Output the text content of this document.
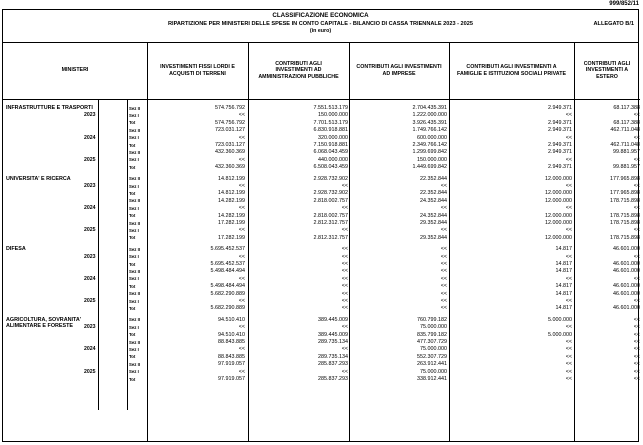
999/852/11
CLASSIFICAZIONE ECONOMICA
RIPARTIZIONE PER MINISTERI DELLE SPESE IN CONTO CAPITALE - BILANCIO DI CASSA TRIENNALE 2023 - 2025
(in euro)
ALLEGATO B/1
MINISTERI
INVESTIMENTI FISSI LORDI E ACQUISTI DI TERRENI
CONTRIBUTI AGLI INVESTIMENTI AD AMMINISTRAZIONI PUBBLICHE
CONTRIBUTI AGLI INVESTIMENTI AD IMPRESE
CONTRIBUTI AGLI INVESTIMENTI A FAMIGLIE E ISTITUZIONI SOCIALI PRIVATE
CONTRIBUTI AGLI INVESTIMENTI A ESTERO
INFRASTRUTTURE E TRASPORTI
2023
Sez II	574.756.792	7.551.513.179	2.704.435.391	2.949.371	68.117.388
Sez I	<<	150.000.000	1.222.000.000	<<	<<
Tot	574.756.792	7.701.513.179	3.926.435.391	2.949.371	68.117.388
2024
Sez II	723.031.127	6.830.918.881	1.749.766.142	2.949.371	462.711.048
Sez I	<<	320.000.000	600.000.000	<<	<<
Tot	723.031.127	7.150.918.881	2.349.766.142	2.949.371	462.711.048
2025
Sez II	432.360.369	6.068.043.459	1.299.699.842	2.949.371	99.881.957
Sez I	<<	440.000.000	150.000.000	<<	<<
Tot	432.360.369	6.508.043.459	1.449.699.842	2.949.371	99.881.957
UNIVERSITA' E RICERCA
2023
Sez II	14.812.199	2.928.732.902	22.352.844	12.000.000	177.965.898
Sez I	<<	<<	<<	<<	<<
Tot	14.812.199	2.928.732.902	22.352.844	12.000.000	177.965.898
2024
Sez II	14.282.199	2.818.002.757	24.352.844	12.000.000	178.715.898
Sez I	<<	<<	<<	<<	<<
Tot	14.282.199	2.818.002.757	24.352.844	12.000.000	178.715.898
2025
Sez II	17.282.199	2.812.312.757	29.352.844	12.000.000	178.715.898
Sez I	<<	<<	<<	<<	<<
Tot	17.282.199	2.812.312.757	29.352.844	12.000.000	178.715.898
DIFESA
2023
Sez II	5.695.452.537	<<	<<	14.817	46.601.000
Sez I	<<	<<	<<	<<	<<
Tot	5.695.452.537	<<	<<	14.817	46.601.000
2024
Sez II	5.498.484.494	<<	<<	14.817	46.601.000
Sez I	<<	<<	<<	<<	<<
Tot	5.498.484.494	<<	<<	14.817	46.601.000
2025
Sez II	5.682.290.889	<<	<<	14.817	46.601.000
Sez I	<<	<<	<<	<<	<<
Tot	5.682.290.889	<<	<<	14.817	46.601.000
AGRICOLTURA, SOVRANITA' ALIMENTARE E FORESTE	2023
Sez II	94.510.410	389.445.009	760.799.182	5.000.000	<<
Sez I	<<	<<	75.000.000	<<	<<
Tot	94.510.410	389.445.009	835.799.182	5.000.000	<<
2024
Sez II	88.843.885	289.735.134	477.307.729	<<	<<
Sez I	<<	<<	75.000.000	<<	<<
Tot	88.843.885	289.735.134	552.307.729	<<	<<
2025
Sez II	97.919.057	285.837.293	263.912.441	<<	<<
Sez I	<<	<<	75.000.000	<<	<<
Tot	97.919.057	285.837.293	338.912.441	<<	<<
